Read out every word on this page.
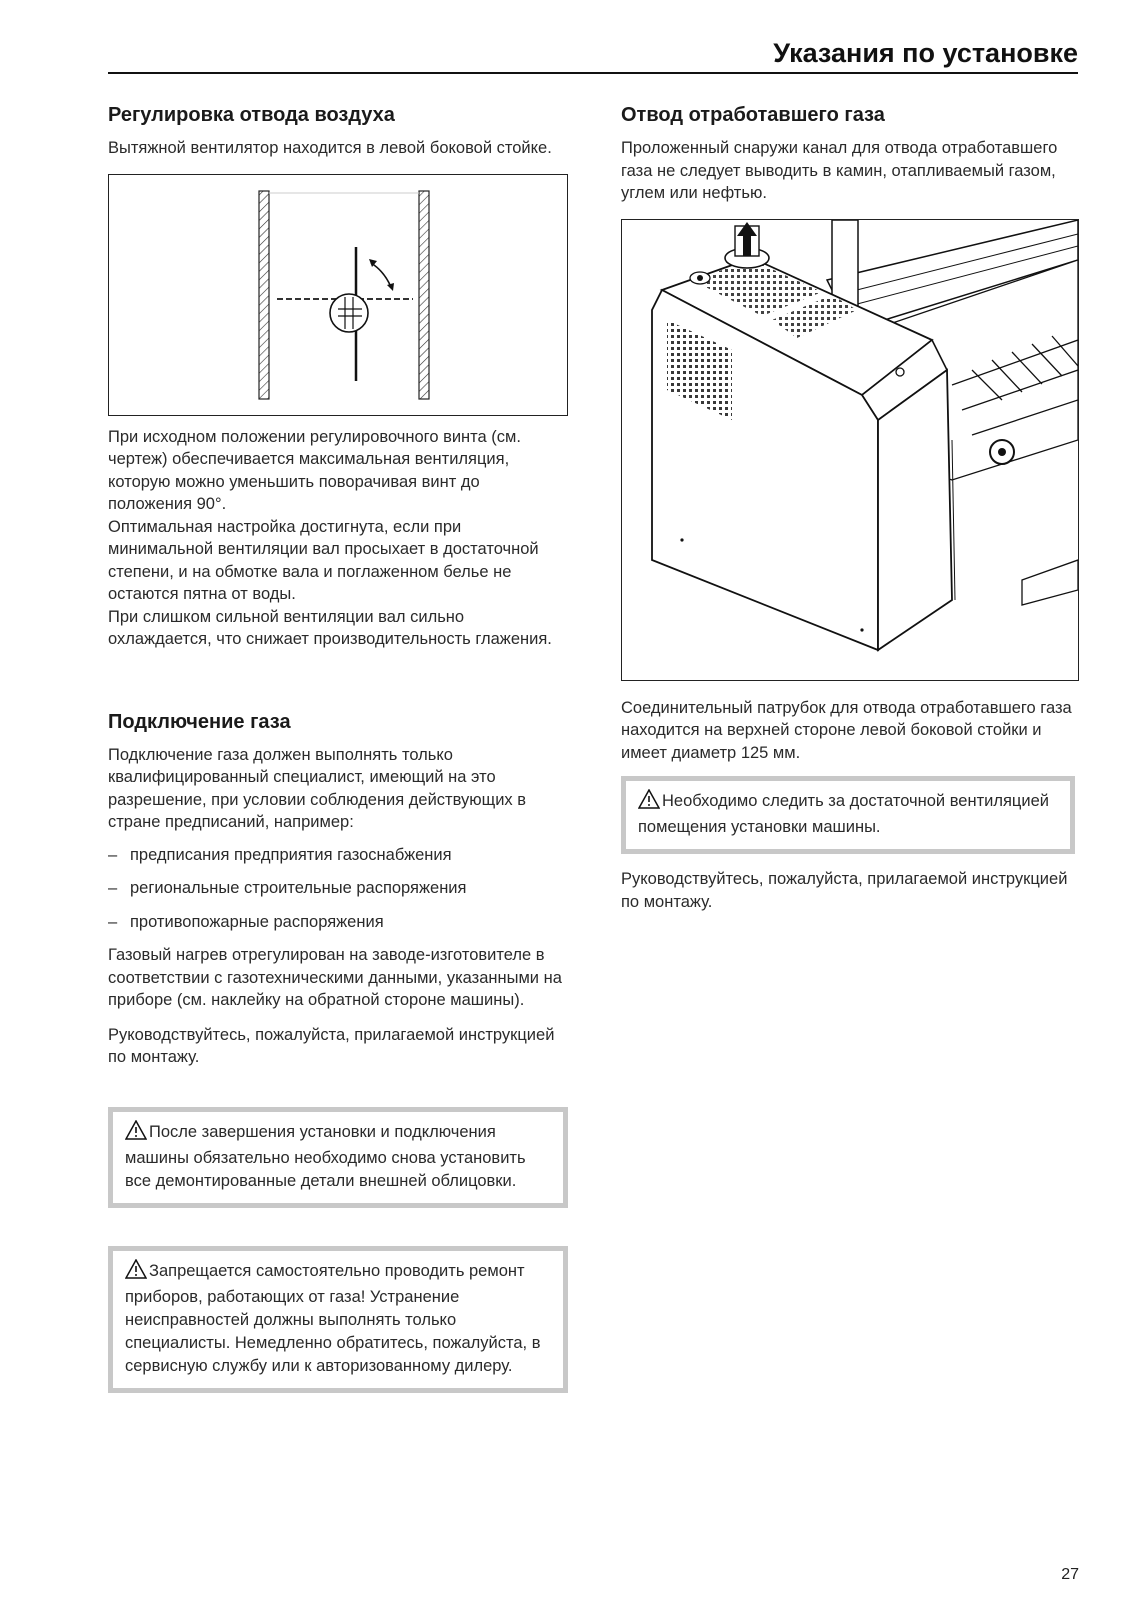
Указания по установке
Регулировка отвода воздуха

Вытяжной вентилятор находится в левой боковой стойке.

При исходном положении регулировочного винта (см. чертеж) обеспечивается максимальная вентиляция, которую можно уменьшить поворачивая винт до положения 90°.

Оптимальная настройка достигнута, если при минимальной вентиляции вал просыхает в достаточной степени, и на обмотке вала и поглаженном белье не остаются пятна от воды.

При слишком сильной вентиляции вал сильно охлаждается, что снижает производительность глажения.

Подключение газа

Подключение газа должен выполнять только квалифицированный специалист, имеющий на это разрешение, при условии соблюдения действующих в стране предписаний, например:

– предписания предприятия газоснабжения
– региональные строительные распоряжения
– противопожарные распоряжения

Газовый нагрев отрегулирован на заводе-изготовителе в соответствии с газотехническими данными, указанными на приборе (см. наклейку на обратной стороне машины).

Руководствуйтесь, пожалуйста, прилагаемой инструкцией по монтажу.

После завершения установки и подключения машины обязательно необходимо снова установить все демонтированные детали внешней облицовки.

Запрещается самостоятельно проводить ремонт приборов, работающих от газа! Устранение неисправностей должны выполнять только специалисты. Немедленно обратитесь, пожалуйста, в сервисную службу или к авторизованному дилеру.

Отвод отработавшего газа

Проложенный снаружи канал для отвода отработавшего газа не следует выводить в камин, отапливаемый газом, углем или нефтью.

Соединительный патрубок для отвода отработавшего газа находится на верхней стороне левой боковой стойки и имеет диаметр 125 мм.

Необходимо следить за достаточной вентиляцией помещения установки машины.

Руководствуйтесь, пожалуйста, прилагаемой инструкцией по монтажу.

27
